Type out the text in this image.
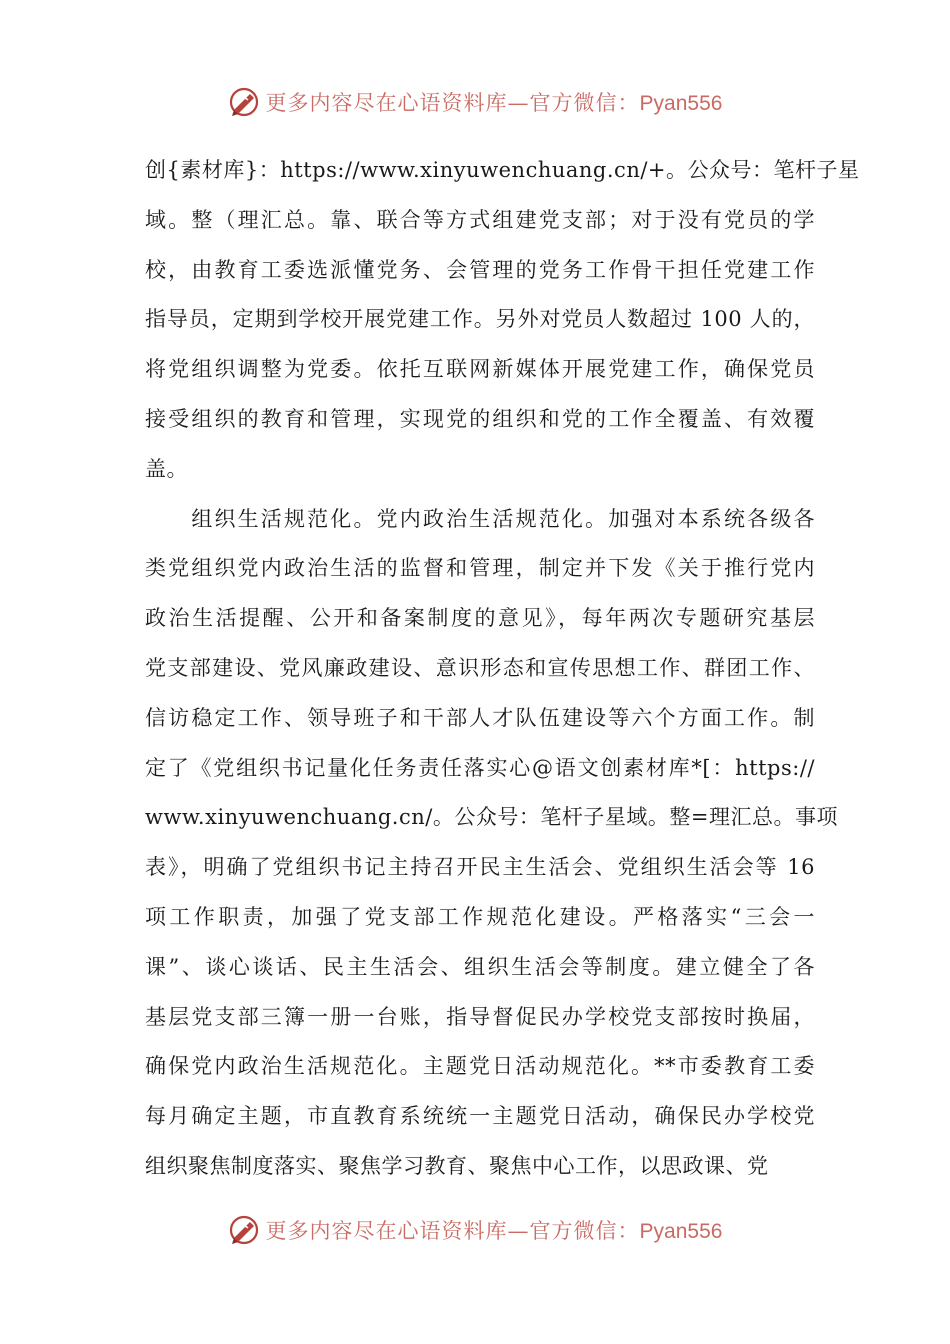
更多内容尽在心语资料库—官方微信：Pyan556
创{素材库}：https://www.xinyuwenchuang.cn/+。公众号：笔杆子星
域。整（理汇总。靠、联合等方式组建党支部；对于没有党员的学
校，由教育工委选派懂党务、会管理的党务工作骨干担任党建工作
指导员，定期到学校开展党建工作。另外对党员人数超过 100 人的，
将党组织调整为党委。依托互联网新媒体开展党建工作，确保党员
接受组织的教育和管理，实现党的组织和党的工作全覆盖、有效覆
盖。
　　组织生活规范化。党内政治生活规范化。加强对本系统各级各
类党组织党内政治生活的监督和管理，制定并下发《关于推行党内
政治生活提醒、公开和备案制度的意见》，每年两次专题研究基层
党支部建设、党风廉政建设、意识形态和宣传思想工作、群团工作、
信访稳定工作、领导班子和干部人才队伍建设等六个方面工作。制
定了《党组织书记量化任务责任落实心@语文创素材库*[：https://
www.xinyuwenchuang.cn/。公众号：笔杆子星域。整=理汇总。事项
表》，明确了党组织书记主持召开民主生活会、党组织生活会等 16
项工作职责，加强了党支部工作规范化建设。严格落实“三会一
课”、谈心谈话、民主生活会、组织生活会等制度。建立健全了各
基层党支部三簿一册一台账，指导督促民办学校党支部按时换届，
确保党内政治生活规范化。主题党日活动规范化。**市委教育工委
每月确定主题，市直教育系统统一主题党日活动，确保民办学校党
组织聚焦制度落实、聚焦学习教育、聚焦中心工作，以思政课、党
更多内容尽在心语资料库—官方微信：Pyan556
